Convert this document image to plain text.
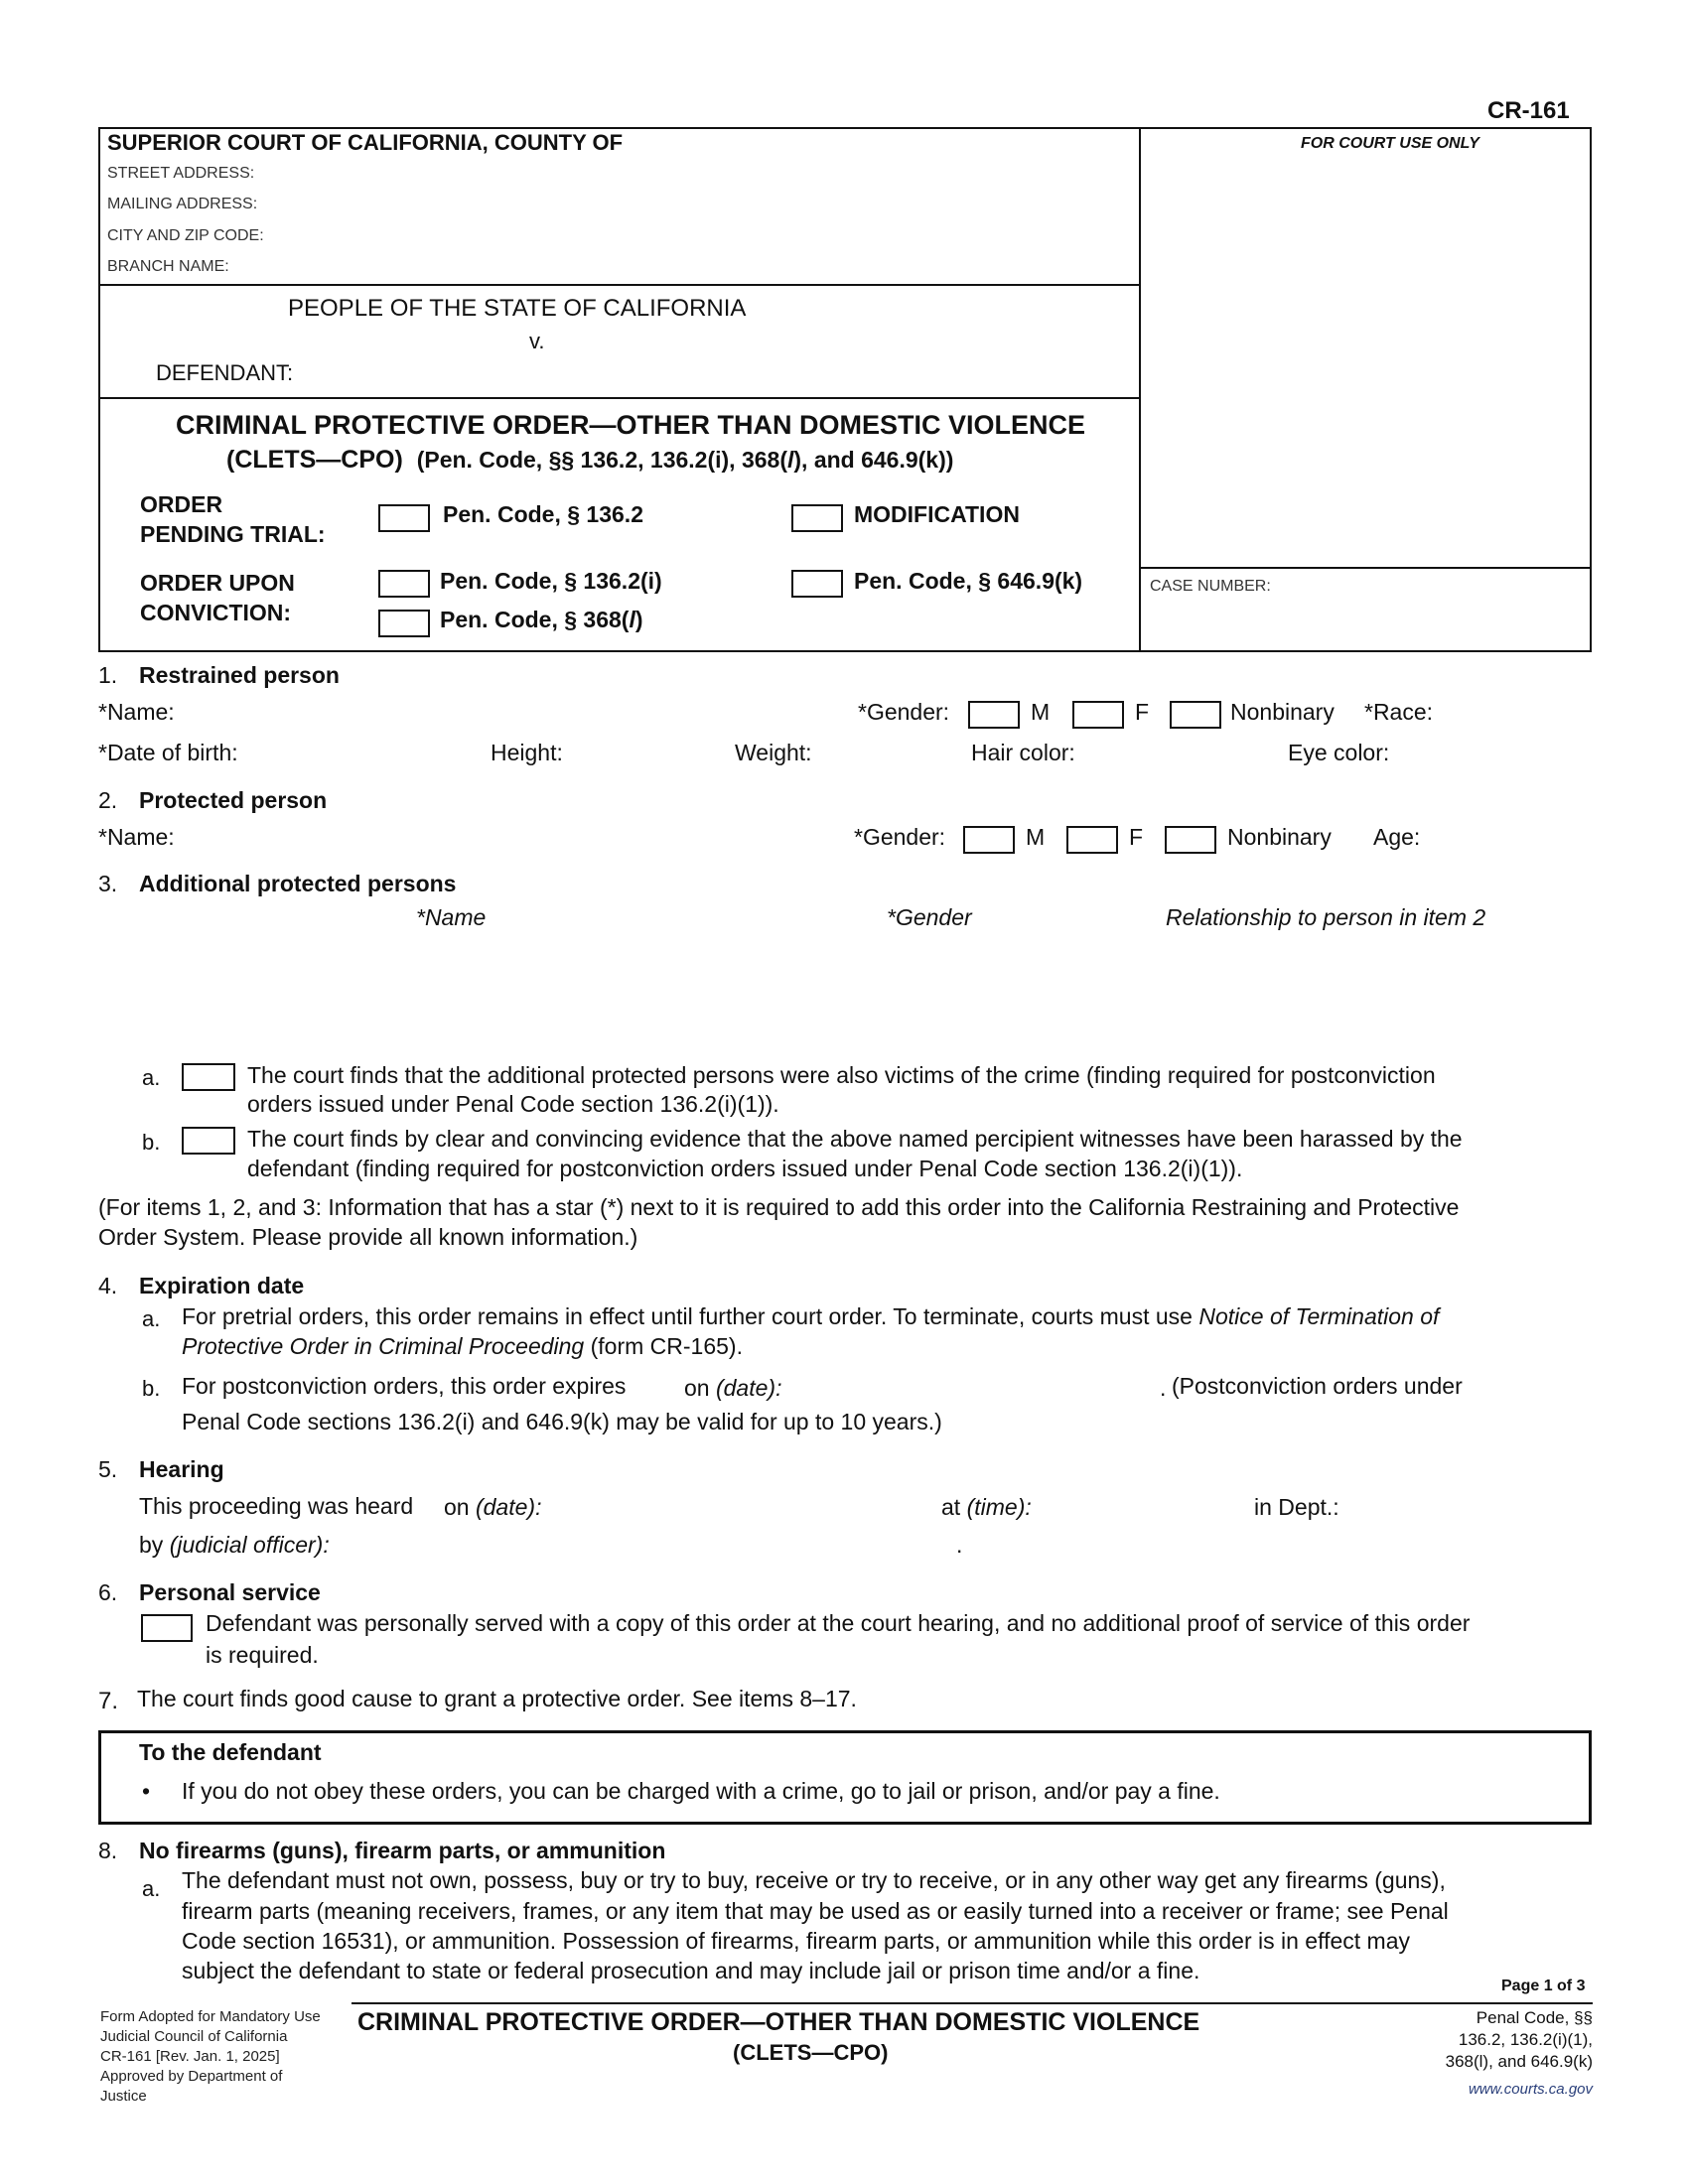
CR-161
SUPERIOR COURT OF CALIFORNIA, COUNTY OF
STREET ADDRESS:
MAILING ADDRESS:
CITY AND ZIP CODE:
BRANCH NAME:
FOR COURT USE ONLY
PEOPLE OF THE STATE OF CALIFORNIA
v.
DEFENDANT:
CRIMINAL PROTECTIVE ORDER—OTHER THAN DOMESTIC VIOLENCE
(CLETS—CPO) (Pen. Code, §§ 136.2, 136.2(i), 368(l), and 646.9(k))
ORDER
PENDING TRIAL:
Pen. Code, § 136.2	MODIFICATION
ORDER UPON
CONVICTION:
Pen. Code, § 136.2(i)	Pen. Code, § 646.9(k)
Pen. Code, § 368(l)
CASE NUMBER:
1. Restrained person
*Name:	*Gender:	M	F	Nonbinary *Race:
*Date of birth:	Height:	Weight:	Hair color:	Eye color:
2. Protected person
*Name:	*Gender:	M	F	Nonbinary Age:
3. Additional protected persons
*Name	*Gender	Relationship to person in item 2
a.	The court finds that the additional protected persons were also victims of the crime (finding required for postconviction
orders issued under Penal Code section 136.2(i)(1)).
b.	The court finds by clear and convincing evidence that the above named percipient witnesses have been harassed by the
defendant (finding required for postconviction orders issued under Penal Code section 136.2(i)(1)).
(For items 1, 2, and 3: Information that has a star (*) next to it is required to add this order into the California Restraining and Protective
Order System. Please provide all known information.)
4. Expiration date
a. For pretrial orders, this order remains in effect until further court order. To terminate, courts must use Notice of Termination of
Protective Order in Criminal Proceeding (form CR-165).
b. For postconviction orders, this order expires	on (date):	. (Postconviction orders under
Penal Code sections 136.2(i) and 646.9(k) may be valid for up to 10 years.)
5. Hearing
This proceeding was heard on (date):	at (time):	in Dept.:
by (judicial officer):	.
6. Personal service
Defendant was personally served with a copy of this order at the court hearing, and no additional proof of service of this order
is required.
7. The court finds good cause to grant a protective order. See items 8–17.
To the defendant
• If you do not obey these orders, you can be charged with a crime, go to jail or prison, and/or pay a fine.
8. No firearms (guns), firearm parts, or ammunition
a. The defendant must not own, possess, buy or try to buy, receive or try to receive, or in any other way get any firearms (guns),
firearm parts (meaning receivers, frames, or any item that may be used as or easily turned into a receiver or frame; see Penal
Code section 16531), or ammunition. Possession of firearms, firearm parts, or ammunition while this order is in effect may
subject the defendant to state or federal prosecution and may include jail or prison time and/or a fine.
Page 1 of 3
Form Adopted for Mandatory Use
Judicial Council of California
CR-161 [Rev. Jan. 1, 2025]
Approved by Department of
Justice
CRIMINAL PROTECTIVE ORDER—OTHER THAN DOMESTIC VIOLENCE
(CLETS—CPO)
Penal Code, §§
136.2, 136.2(i)(1),
368(l), and 646.9(k)
www.courts.ca.gov
